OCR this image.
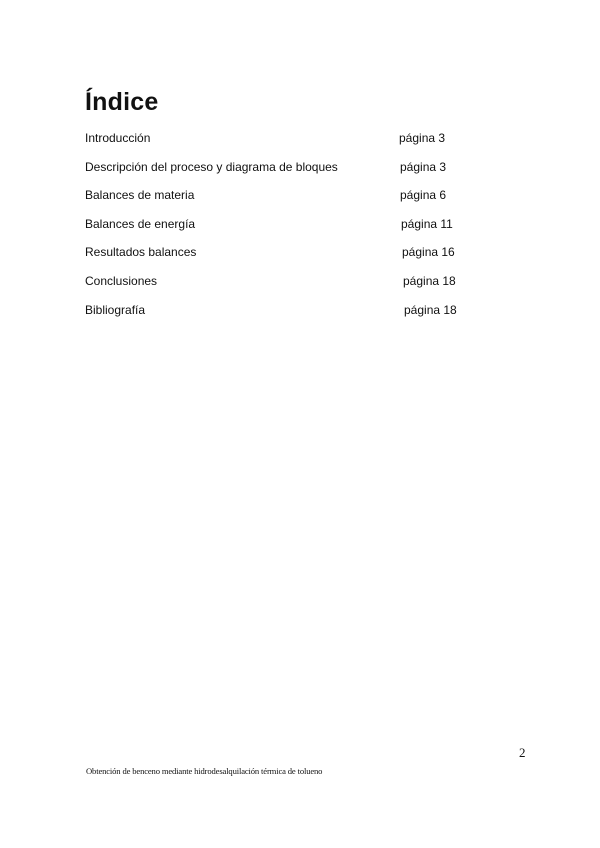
Índice
Introducción	página 3
Descripción del proceso y diagrama de bloques	página 3
Balances de materia	página 6
Balances de energía	página 11
Resultados balances	página 16
Conclusiones	página 18
Bibliografía	página 18
2
Obtención de benceno mediante hidrodesalquilación térmica de tolueno
